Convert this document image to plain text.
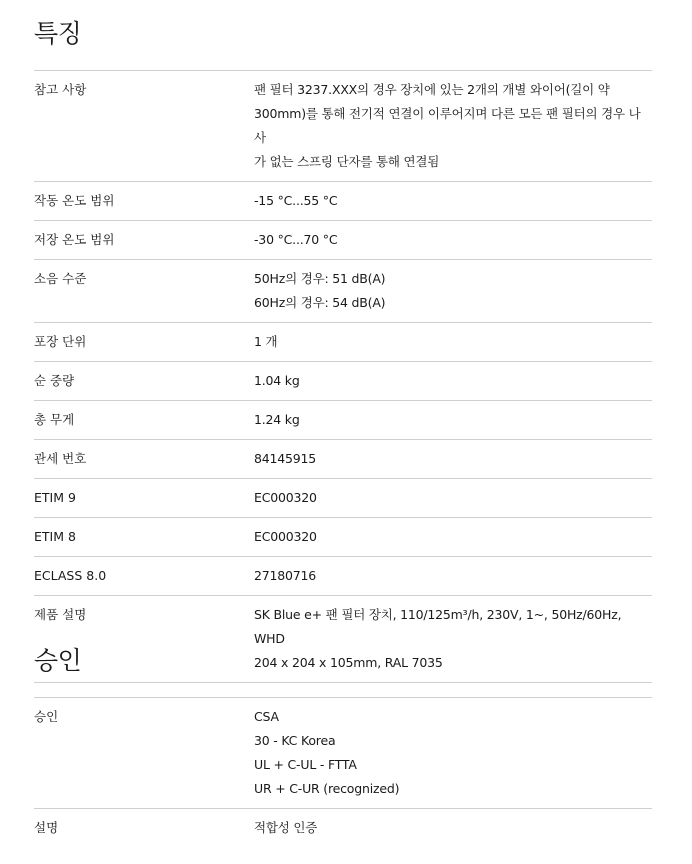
특징
참고 사항	팬 필터 3237.XXX의 경우 장치에 있는 2개의 개별 와이어(길이 약
300mm)를 통해 전기적 연결이 이루어지며 다른 모든 팬 필터의 경우 나사
가 없는 스프링 단자를 통해 연결됨
작동 온도 범위	-15 °C...55 °C
저장 온도 범위	-30 °C...70 °C
소음 수준	50Hz의 경우: 51 dB(A)
60Hz의 경우: 54 dB(A)
포장 단위	1 개
순 중량	1.04 kg
총 무게	1.24 kg
관세 번호	84145915
ETIM 9	EC000320
ETIM 8	EC000320
ECLASS 8.0	27180716
제품 설명	SK Blue e+ 팬 필터 장치, 110/125m³/h, 230V, 1~, 50Hz/60Hz, WHD
204 x 204 x 105mm, RAL 7035
승인
승인	CSA
30 - KC Korea
UL + C-UL - FTTA
UR + C-UR (recognized)
설명	적합성 인증
